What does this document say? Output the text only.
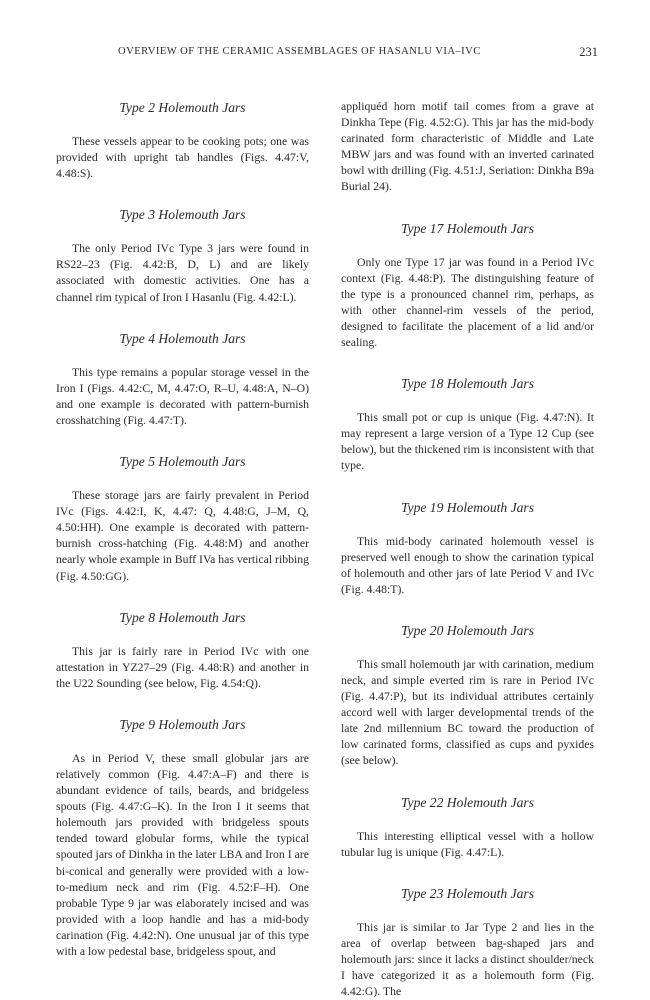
OVERVIEW OF THE CERAMIC ASSEMBLAGES OF HASANLU VIA–IVC	231
Type 2 Holemouth Jars

These vessels appear to be cooking pots; one was provided with upright tab handles (Figs. 4.47:V, 4.48:S).

Type 3 Holemouth Jars

The only Period IVc Type 3 jars were found in RS22–23 (Fig. 4.42:B, D, L) and are likely associated with domestic activities. One has a channel rim typical of Iron I Hasanlu (Fig. 4.42:L).

Type 4 Holemouth Jars

This type remains a popular storage vessel in the Iron I (Figs. 4.42:C, M, 4.47:O, R–U, 4.48:A, N–O) and one example is decorated with pattern-burnish crosshatching (Fig. 4.47:T).

Type 5 Holemouth Jars

These storage jars are fairly prevalent in Period IVc (Figs. 4.42:I, K, 4.47: Q, 4.48:G, J–M, Q, 4.50:HH). One example is decorated with pattern-burnish cross-hatching (Fig. 4.48:M) and another nearly whole example in Buff IVa has vertical ribbing (Fig. 4.50:GG).

Type 8 Holemouth Jars

This jar is fairly rare in Period IVc with one attestation in YZ27–29 (Fig. 4.48:R) and another in the U22 Sounding (see below, Fig. 4.54:Q).

Type 9 Holemouth Jars

As in Period V, these small globular jars are relatively common (Fig. 4.47:A–F) and there is abundant evidence of tails, beards, and bridgeless spouts (Fig. 4.47:G–K). In the Iron I it seems that holemouth jars provided with bridgeless spouts tended toward globular forms, while the typical spouted jars of Dinkha in the later LBA and Iron I are bi-conical and generally were provided with a low-to-medium neck and rim (Fig. 4.52:F–H). One probable Type 9 jar was elaborately incised and was provided with a loop handle and has a mid-body carination (Fig. 4.42:N). One unusual jar of this type with a low pedestal base, bridgeless spout, and

appliquéd horn motif tail comes from a grave at Dinkha Tepe (Fig. 4.52:G). This jar has the mid-body carinated form characteristic of Middle and Late MBW jars and was found with an inverted carinated bowl with drilling (Fig. 4.51:J, Seriation: Dinkha B9a Burial 24).

Type 17 Holemouth Jars

Only one Type 17 jar was found in a Period IVc context (Fig. 4.48:P). The distinguishing feature of the type is a pronounced channel rim, perhaps, as with other channel-rim vessels of the period, designed to facilitate the placement of a lid and/or sealing.

Type 18 Holemouth Jars

This small pot or cup is unique (Fig. 4.47:N). It may represent a large version of a Type 12 Cup (see below), but the thickened rim is inconsistent with that type.

Type 19 Holemouth Jars

This mid-body carinated holemouth vessel is preserved well enough to show the carination typical of holemouth and other jars of late Period V and IVc (Fig. 4.48:T).

Type 20 Holemouth Jars

This small holemouth jar with carination, medium neck, and simple everted rim is rare in Period IVc (Fig. 4.47:P), but its individual attributes certainly accord well with larger developmental trends of the late 2nd millennium BC toward the production of low carinated forms, classified as cups and pyxides (see below).

Type 22 Holemouth Jars

This interesting elliptical vessel with a hollow tubular lug is unique (Fig. 4.47:L).

Type 23 Holemouth Jars

This jar is similar to Jar Type 2 and lies in the area of overlap between bag-shaped jars and holemouth jars: since it lacks a distinct shoulder/neck I have categorized it as a holemouth form (Fig. 4.42:G). The
